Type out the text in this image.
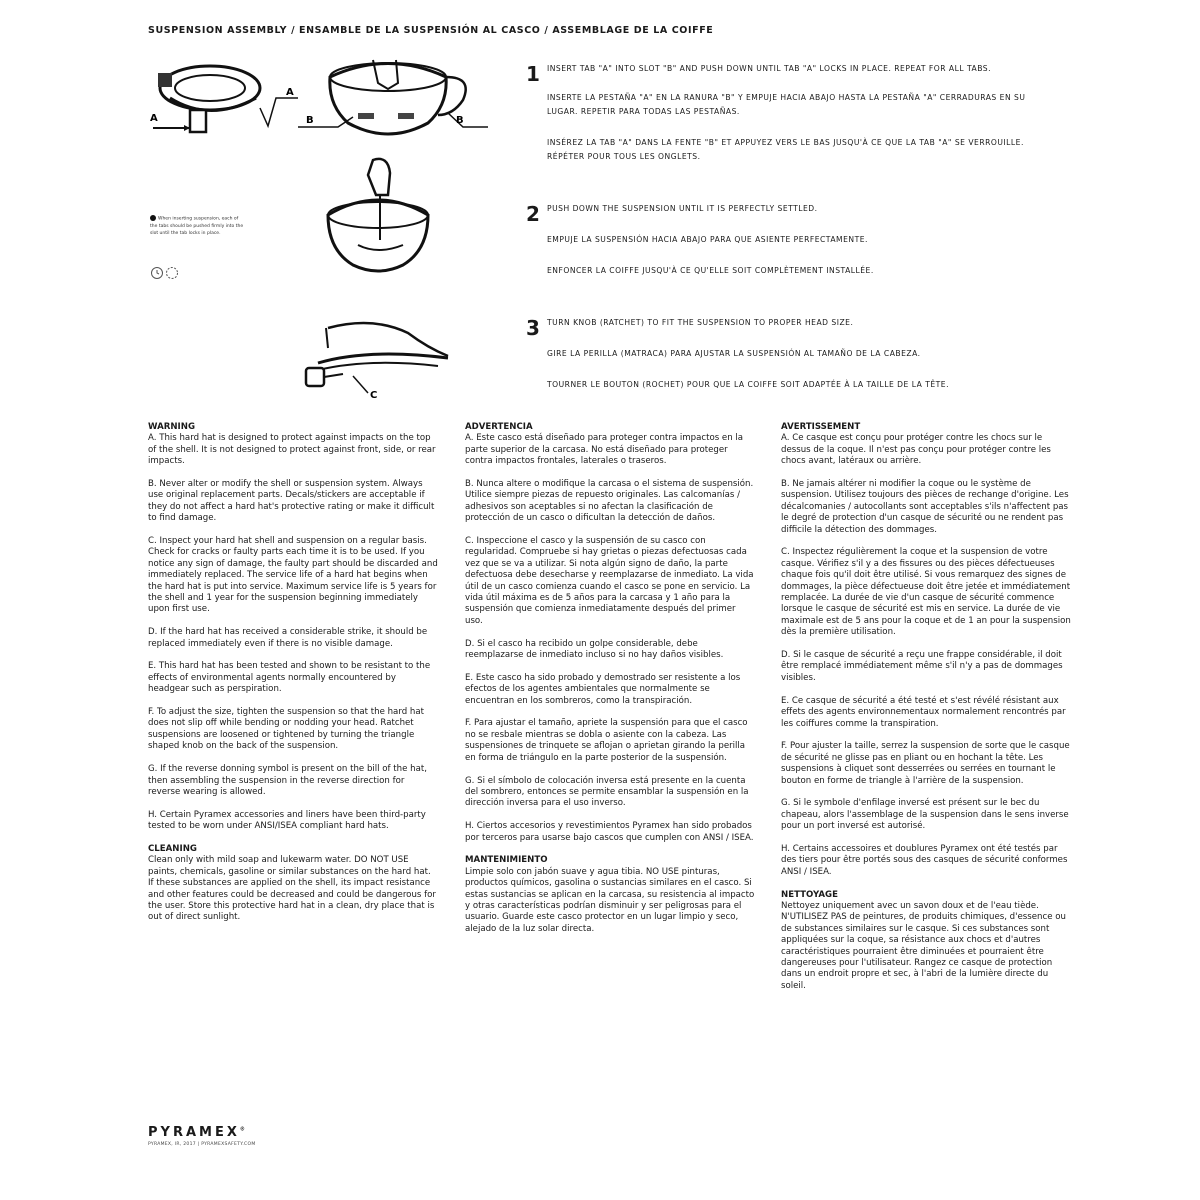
SUSPENSION ASSEMBLY / ENSAMBLE DE LA SUSPENSIÓN AL CASCO / ASSEMBLAGE DE LA COIFFE
A
A
B	B
C
When inserting suspension, each of the tabs should be pushed firmly into the slot until the tab locks in place.
1 INSERT TAB "A" INTO SLOT "B" AND PUSH DOWN UNTIL TAB "A" LOCKS IN PLACE. REPEAT FOR ALL TABS.
INSERTE LA PESTAÑA "A" EN LA RANURA "B" Y EMPUJE HACIA ABAJO HASTA LA PESTAÑA "A" CERRADURAS EN SU LUGAR. REPETIR PARA TODAS LAS PESTAÑAS.
INSÉREZ LA TAB "A" DANS LA FENTE "B" ET APPUYEZ VERS LE BAS JUSQU'À CE QUE LA TAB "A" SE VERROUILLE. RÉPÉTER POUR TOUS LES ONGLETS.
2 PUSH DOWN THE SUSPENSION UNTIL IT IS PERFECTLY SETTLED.
EMPUJE LA SUSPENSIÓN HACIA ABAJO PARA QUE ASIENTE PERFECTAMENTE.
ENFONCER LA COIFFE JUSQU'À CE QU'ELLE SOIT COMPLÈTEMENT INSTALLÉE.
3 TURN KNOB (RATCHET) TO FIT THE SUSPENSION TO PROPER HEAD SIZE.
GIRE LA PERILLA (MATRACA) PARA AJUSTAR LA SUSPENSIÓN AL TAMAÑO DE LA CABEZA.
TOURNER LE BOUTON (ROCHET) POUR QUE LA COIFFE SOIT ADAPTÉE À LA TAILLE DE LA TÊTE.
WARNING

A. This hard hat is designed to protect against impacts on the top of the shell. It is not designed to protect against front, side, or rear impacts.

B. Never alter or modify the shell or suspension system. Always use original replacement parts. Decals/stickers are acceptable if they do not affect a hard hat's protective rating or make it difficult to find damage.

C. Inspect your hard hat shell and suspension on a regular basis. Check for cracks or faulty parts each time it is to be used. If you notice any sign of damage, the faulty part should be discarded and immediately replaced. The service life of a hard hat begins when the hard hat is put into service. Maximum service life is 5 years for the shell and 1 year for the suspension beginning immediately upon first use.

D. If the hard hat has received a considerable strike, it should be replaced immediately even if there is no visible damage.

E. This hard hat has been tested and shown to be resistant to the effects of environmental agents normally encountered by headgear such as perspiration.

F. To adjust the size, tighten the suspension so that the hard hat does not slip off while bending or nodding your head. Ratchet suspensions are loosened or tightened by turning the triangle shaped knob on the back of the suspension.

G. If the reverse donning symbol is present on the bill of the hat, then assembling the suspension in the reverse direction for reverse wearing is allowed.

H. Certain Pyramex accessories and liners have been third-party tested to be worn under ANSI/ISEA compliant hard hats.

CLEANING

Clean only with mild soap and lukewarm water. DO NOT USE paints, chemicals, gasoline or similar substances on the hard hat. If these substances are applied on the shell, its impact resistance and other features could be decreased and could be dangerous for the user. Store this protective hard hat in a clean, dry place that is out of direct sunlight.

ADVERTENCIA

A. Este casco está diseñado para proteger contra impactos en la parte superior de la carcasa. No está diseñado para proteger contra impactos frontales, laterales o traseros.

B. Nunca altere o modifique la carcasa o el sistema de suspensión. Utilice siempre piezas de repuesto originales. Las calcomanías / adhesivos son aceptables si no afectan la clasificación de protección de un casco o dificultan la detección de daños.

C. Inspeccione el casco y la suspensión de su casco con regularidad. Compruebe si hay grietas o piezas defectuosas cada vez que se va a utilizar. Si nota algún signo de daño, la parte defectuosa debe desecharse y reemplazarse de inmediato. La vida útil de un casco comienza cuando el casco se pone en servicio. La vida útil máxima es de 5 años para la carcasa y 1 año para la suspensión que comienza inmediatamente después del primer uso.

D. Si el casco ha recibido un golpe considerable, debe reemplazarse de inmediato incluso si no hay daños visibles.

E. Este casco ha sido probado y demostrado ser resistente a los efectos de los agentes ambientales que normalmente se encuentran en los sombreros, como la transpiración.

F. Para ajustar el tamaño, apriete la suspensión para que el casco no se resbale mientras se dobla o asiente con la cabeza. Las suspensiones de trinquete se aflojan o aprietan girando la perilla en forma de triángulo en la parte posterior de la suspensión.

G. Si el símbolo de colocación inversa está presente en la cuenta del sombrero, entonces se permite ensamblar la suspensión en la dirección inversa para el uso inverso.

H. Ciertos accesorios y revestimientos Pyramex han sido probados por terceros para usarse bajo cascos que cumplen con ANSI / ISEA.

MANTENIMIENTO

Limpie solo con jabón suave y agua tibia. NO USE pinturas, productos químicos, gasolina o sustancias similares en el casco. Si estas sustancias se aplican en la carcasa, su resistencia al impacto y otras características podrían disminuir y ser peligrosas para el usuario. Guarde este casco protector en un lugar limpio y seco, alejado de la luz solar directa.

AVERTISSEMENT

A. Ce casque est conçu pour protéger contre les chocs sur le dessus de la coque. Il n'est pas conçu pour protéger contre les chocs avant, latéraux ou arrière.

B. Ne jamais altérer ni modifier la coque ou le système de suspension. Utilisez toujours des pièces de rechange d'origine. Les décalcomanies / autocollants sont acceptables s'ils n'affectent pas le degré de protection d'un casque de sécurité ou ne rendent pas difficile la détection des dommages.

C. Inspectez régulièrement la coque et la suspension de votre casque. Vérifiez s'il y a des fissures ou des pièces défectueuses chaque fois qu'il doit être utilisé. Si vous remarquez des signes de dommages, la pièce défectueuse doit être jetée et immédiatement remplacée. La durée de vie d'un casque de sécurité commence lorsque le casque de sécurité est mis en service. La durée de vie maximale est de 5 ans pour la coque et de 1 an pour la suspension dès la première utilisation.

D. Si le casque de sécurité a reçu une frappe considérable, il doit être remplacé immédiatement même s'il n'y a pas de dommages visibles.

E. Ce casque de sécurité a été testé et s'est révélé résistant aux effets des agents environnementaux normalement rencontrés par les coiffures comme la transpiration.

F. Pour ajuster la taille, serrez la suspension de sorte que le casque de sécurité ne glisse pas en pliant ou en hochant la tête. Les suspensions à cliquet sont desserrées ou serrées en tournant le bouton en forme de triangle à l'arrière de la suspension.

G. Si le symbole d'enfilage inversé est présent sur le bec du chapeau, alors l'assemblage de la suspension dans le sens inverse pour un port inversé est autorisé.

H. Certains accessoires et doublures Pyramex ont été testés par des tiers pour être portés sous des casques de sécurité conformes ANSI / ISEA.

NETTOYAGE

Nettoyez uniquement avec un savon doux et de l'eau tiède. N'UTILISEZ PAS de peintures, de produits chimiques, d'essence ou de substances similaires sur le casque. Si ces substances sont appliquées sur la coque, sa résistance aux chocs et d'autres caractéristiques pourraient être diminuées et pourraient être dangereuses pour l'utilisateur. Rangez ce casque de protection dans un endroit propre et sec, à l'abri de la lumière directe du soleil.

PYRAMEX®
PYRAMEX, IR, 2017 | PYRAMEXSAFETY.COM
